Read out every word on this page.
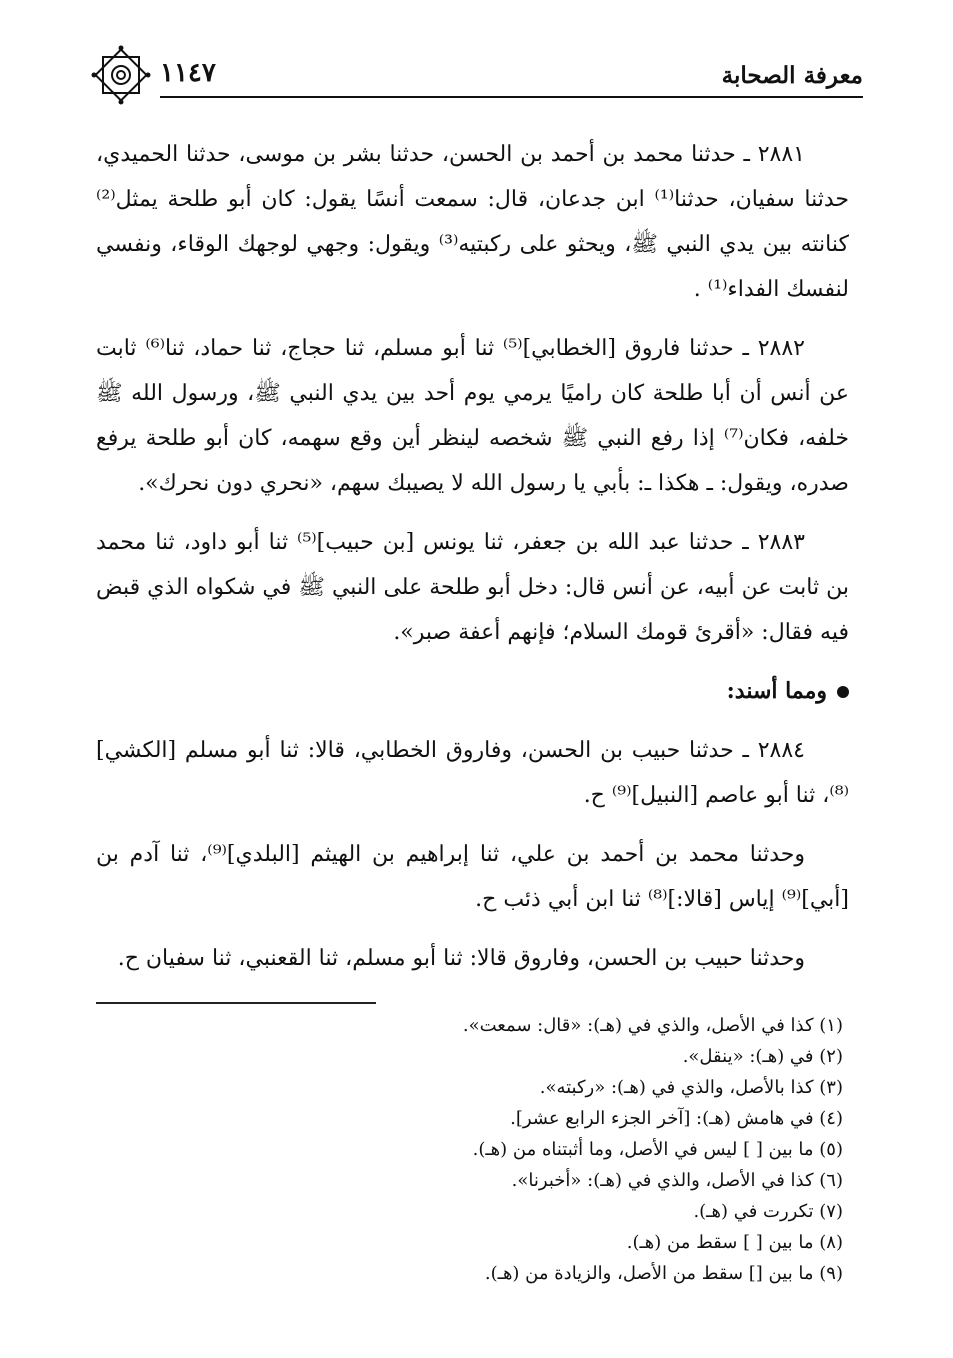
معرفة الصحابة
١١٤٧

٢٨٨١ ـ حدثنا محمد بن أحمد بن الحسن، حدثنا بشر بن موسى، حدثنا الحميدي، حدثنا سفيان، حدثنا⁽¹⁾ ابن جدعان، قال: سمعت أنسًا يقول: كان أبو طلحة يمثل⁽²⁾ كنانته بين يدي النبي ﷺ، ويحثو على ركبتيه⁽³⁾ ويقول: وجهي لوجهك الوقاء، ونفسي لنفسك الفداء⁽¹⁾ .

٢٨٨٢ ـ حدثنا فاروق [الخطابي]⁽⁵⁾ ثنا أبو مسلم، ثنا حجاج، ثنا حماد، ثنا⁽⁶⁾ ثابت عن أنس أن أبا طلحة كان راميًا يرمي يوم أحد بين يدي النبي ﷺ، ورسول الله ﷺ خلفه، فكان⁽⁷⁾ إذا رفع النبي ﷺ شخصه لينظر أين وقع سهمه، كان أبو طلحة يرفع صدره، ويقول: ـ هكذا ـ: بأبي يا رسول الله لا يصيبك سهم، «نحري دون نحرك».

٢٨٨٣ ـ حدثنا عبد الله بن جعفر، ثنا يونس [بن حبيب]⁽⁵⁾ ثنا أبو داود، ثنا محمد بن ثابت عن أبيه، عن أنس قال: دخل أبو طلحة على النبي ﷺ في شكواه الذي قبض فيه فقال: «أقرئ قومك السلام؛ فإنهم أعفة صبر».

ومما أسند:

٢٨٨٤ ـ حدثنا حبيب بن الحسن، وفاروق الخطابي، قالا: ثنا أبو مسلم [الكشي]⁽⁸⁾، ثنا أبو عاصم [النبيل]⁽⁹⁾ ح.

وحدثنا محمد بن أحمد بن علي، ثنا إبراهيم بن الهيثم [البلدي]⁽⁹⁾، ثنا آدم بن [أبي]⁽⁹⁾ إياس [قالا:]⁽⁸⁾ ثنا ابن أبي ذئب ح.

وحدثنا حبيب بن الحسن، وفاروق قالا: ثنا أبو مسلم، ثنا القعنبي، ثنا سفيان ح.

(١) كذا في الأصل، والذي في (هـ): «قال: سمعت».
(٢) في (هـ): «ينقل».
(٣) كذا بالأصل، والذي في (هـ): «ركبته».
(٤) في هامش (هـ): [آخر الجزء الرابع عشر].
(٥) ما بين [ ] ليس في الأصل، وما أثبتناه من (هـ).
(٦) كذا في الأصل، والذي في (هـ): «أخبرنا».
(٧) تكررت في (هـ).
(٨) ما بين [ ] سقط من (هـ).
(٩) ما بين [] سقط من الأصل، والزيادة من (هـ).
